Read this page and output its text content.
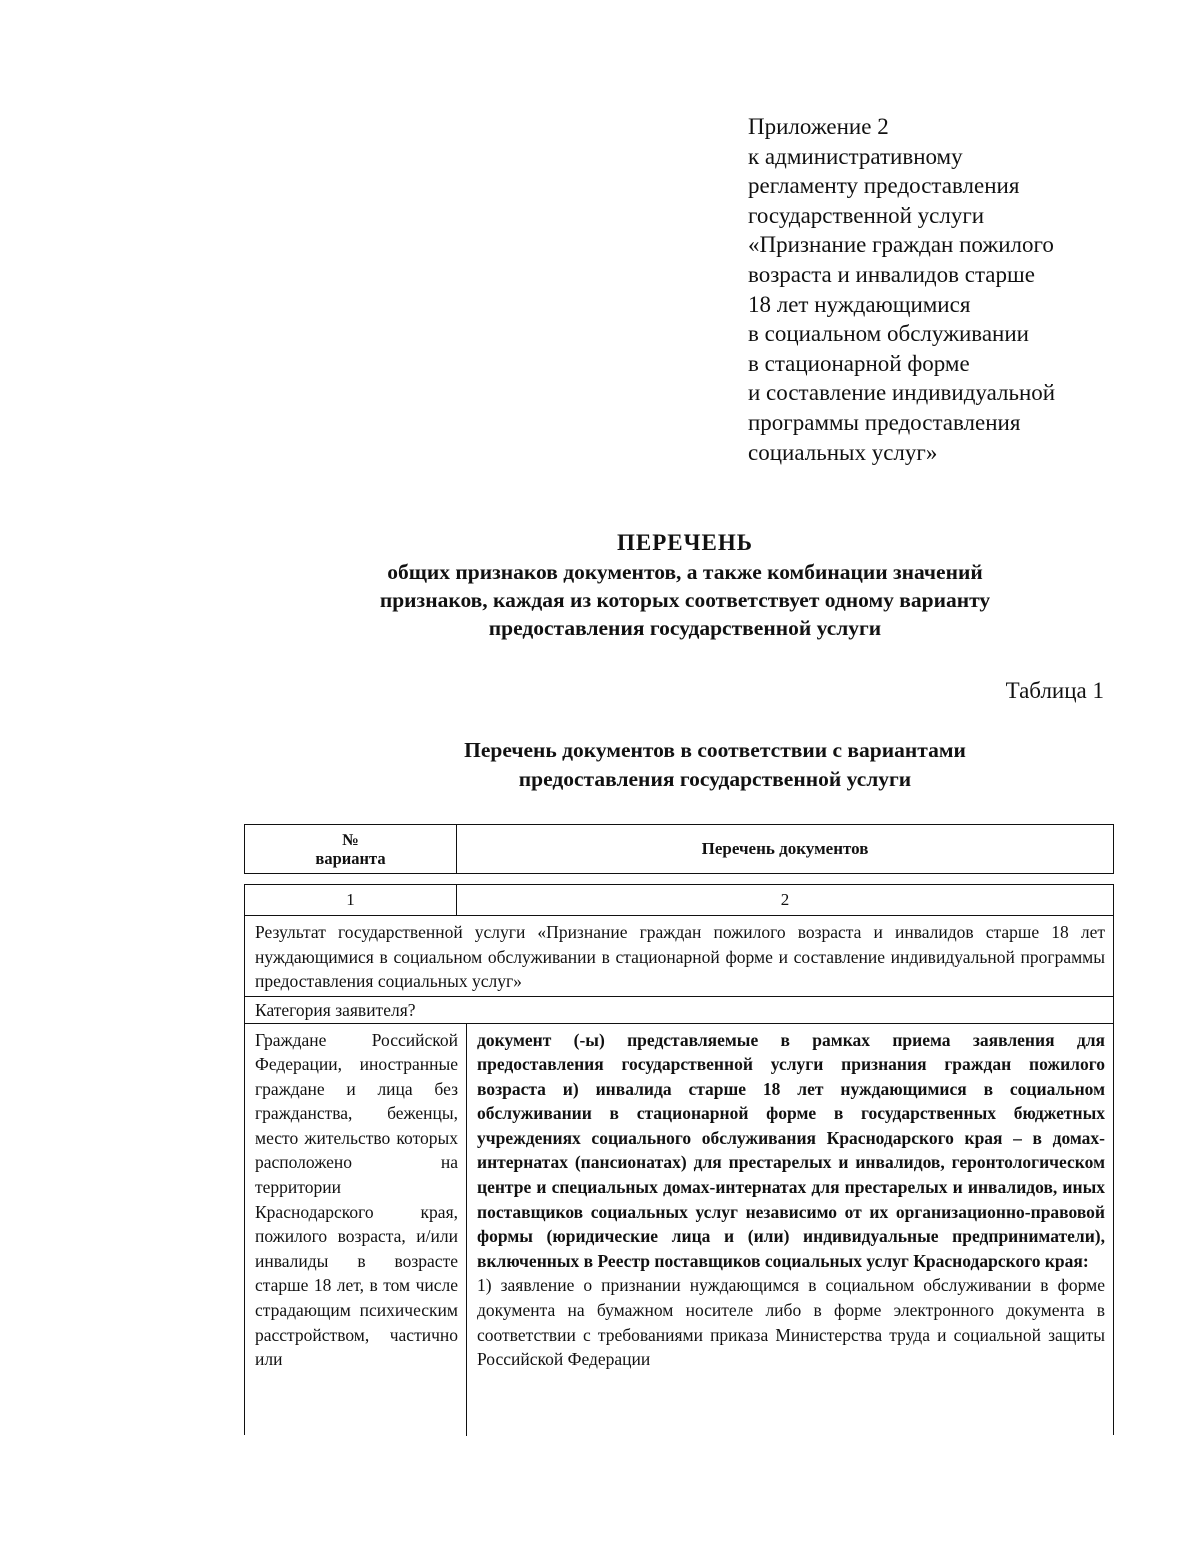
Приложение 2
к административному
регламенту предоставления
государственной услуги
«Признание граждан пожилого
возраста и инвалидов старше
18 лет нуждающимися
в социальном обслуживании
в стационарной форме
и составление индивидуальной
программы предоставления
социальных услуг»
ПЕРЕЧЕНЬ
общих признаков документов, а также комбинации значений
признаков, каждая из которых соответствует одному варианту
предоставления государственной услуги
Таблица 1
Перечень документов в соответствии с вариантами
предоставления государственной услуги
№
варианта
Перечень документов
1	2
Результат государственной услуги «Признание граждан пожилого возраста и инвалидов старше 18 лет нуждающимися в социальном обслуживании в стационарной форме и составление индивидуальной программы предоставления социальных услуг»
Категория заявителя?
Граждане Российской Федерации, иностранные граждане и лица без гражданства, беженцы, место жительство которых расположено на территории Краснодарского края, пожилого возраста, и/или инвалиды в возрасте старше 18 лет, в том числе страдающим психическим расстройством, частично или
документ (-ы) представляемые в рамках приема заявления для предоставления государственной услуги признания граждан пожилого возраста и) инвалида старше 18 лет нуждающимися в социальном обслуживании в стационарной форме в государственных бюджетных учреждениях социального обслуживания Краснодарского края – в домах-интернатах (пансионатах) для престарелых и инвалидов, геронтологическом центре и специальных домах-интернатах для престарелых и инвалидов, иных поставщиков социальных услуг независимо от их организационно-правовой формы (юридические лица и (или) индивидуальные предприниматели), включенных в Реестр поставщиков социальных услуг Краснодарского края:
1) заявление о признании нуждающимся в социальном обслуживании в форме документа на бумажном носителе либо в форме электронного документа в соответствии с требованиями приказа Министерства труда и социальной защиты Российской Федерации
